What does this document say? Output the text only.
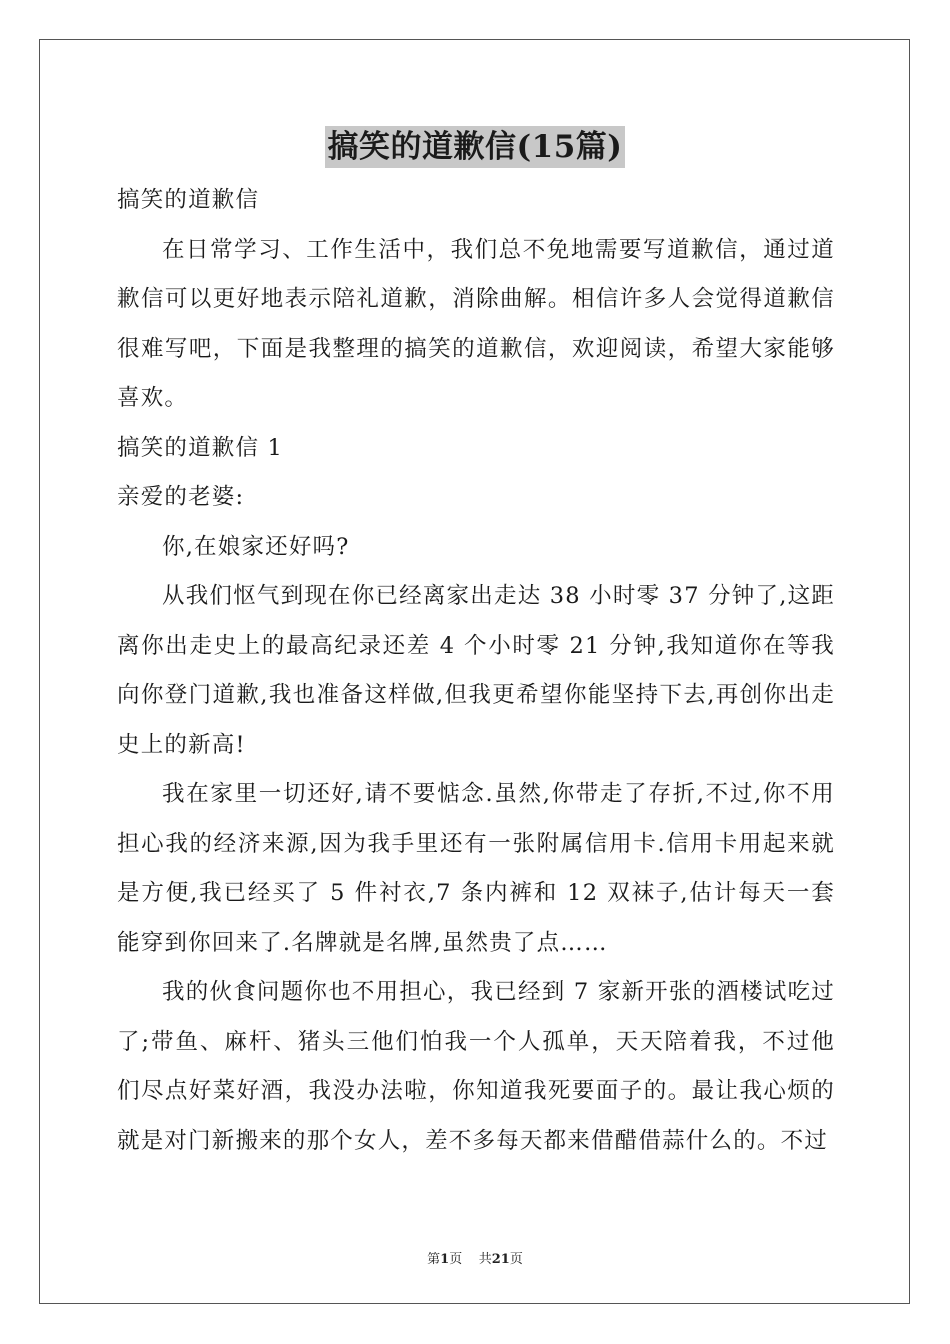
搞笑的道歉信(15篇)

搞笑的道歉信

在日常学习、工作生活中，我们总不免地需要写道歉信，通过道歉信可以更好地表示陪礼道歉，消除曲解。相信许多人会觉得道歉信很难写吧，下面是我整理的搞笑的道歉信，欢迎阅读，希望大家能够喜欢。

搞笑的道歉信 1

亲爱的老婆:

你,在娘家还好吗?

从我们怄气到现在你已经离家出走达 38 小时零 37 分钟了,这距离你出走史上的最高纪录还差 4 个小时零 21 分钟,我知道你在等我向你登门道歉,我也准备这样做,但我更希望你能坚持下去,再创你出走史上的新高!

我在家里一切还好,请不要惦念.虽然,你带走了存折,不过,你不用担心我的经济来源,因为我手里还有一张附属信用卡.信用卡用起来就是方便,我已经买了 5 件衬衣,7 条内裤和 12 双袜子,估计每天一套能穿到你回来了.名牌就是名牌,虽然贵了点……

我的伙食问题你也不用担心，我已经到 7 家新开张的酒楼试吃过了;带鱼、麻杆、猪头三他们怕我一个人孤单，天天陪着我，不过他们尽点好菜好酒，我没办法啦，你知道我死要面子的。最让我心烦的就是对门新搬来的那个女人，差不多每天都来借醋借蒜什么的。不过

第1页 共21页
